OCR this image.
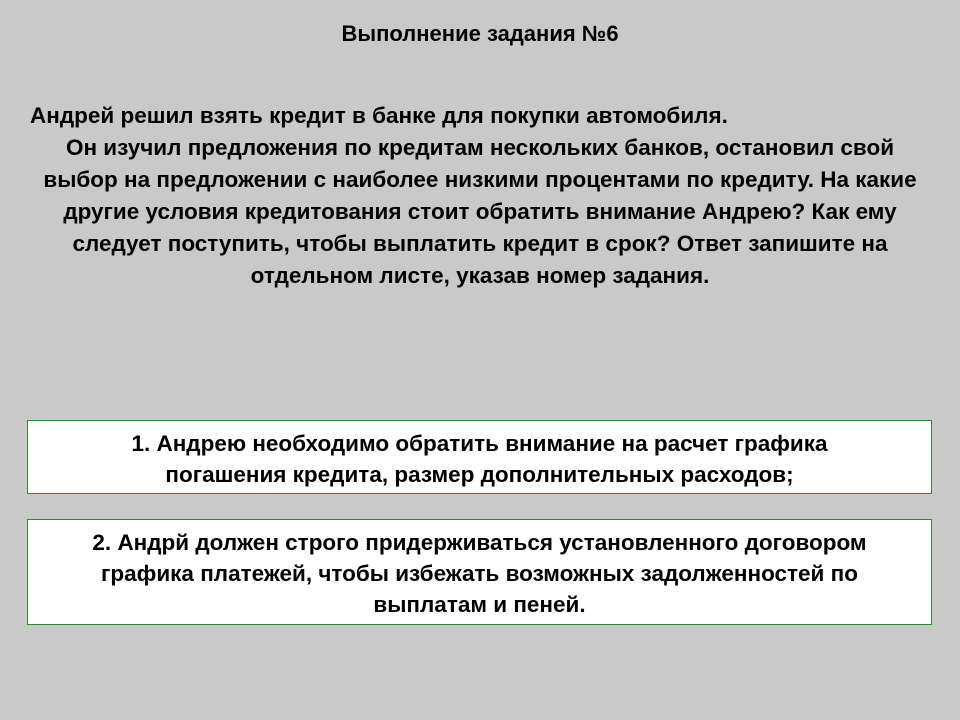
Выполнение задания №6
Андрей решил взять кредит в банке для покупки автомобиля.
Он изучил предложения по кредитам нескольких банков, остановил свой выбор на предложении с наиболее низкими процентами по кредиту. На какие другие условия кредитования стоит обратить внимание Андрею? Как ему следует поступить, чтобы выплатить кредит в срок? Ответ запишите на отдельном листе, указав номер задания.
1. Андрею необходимо обратить внимание на расчет графика погашения кредита, размер дополнительных расходов;
2. Андрй должен строго придерживаться установленного договором графика платежей, чтобы избежать возможных задолженностей по выплатам и пеней.
